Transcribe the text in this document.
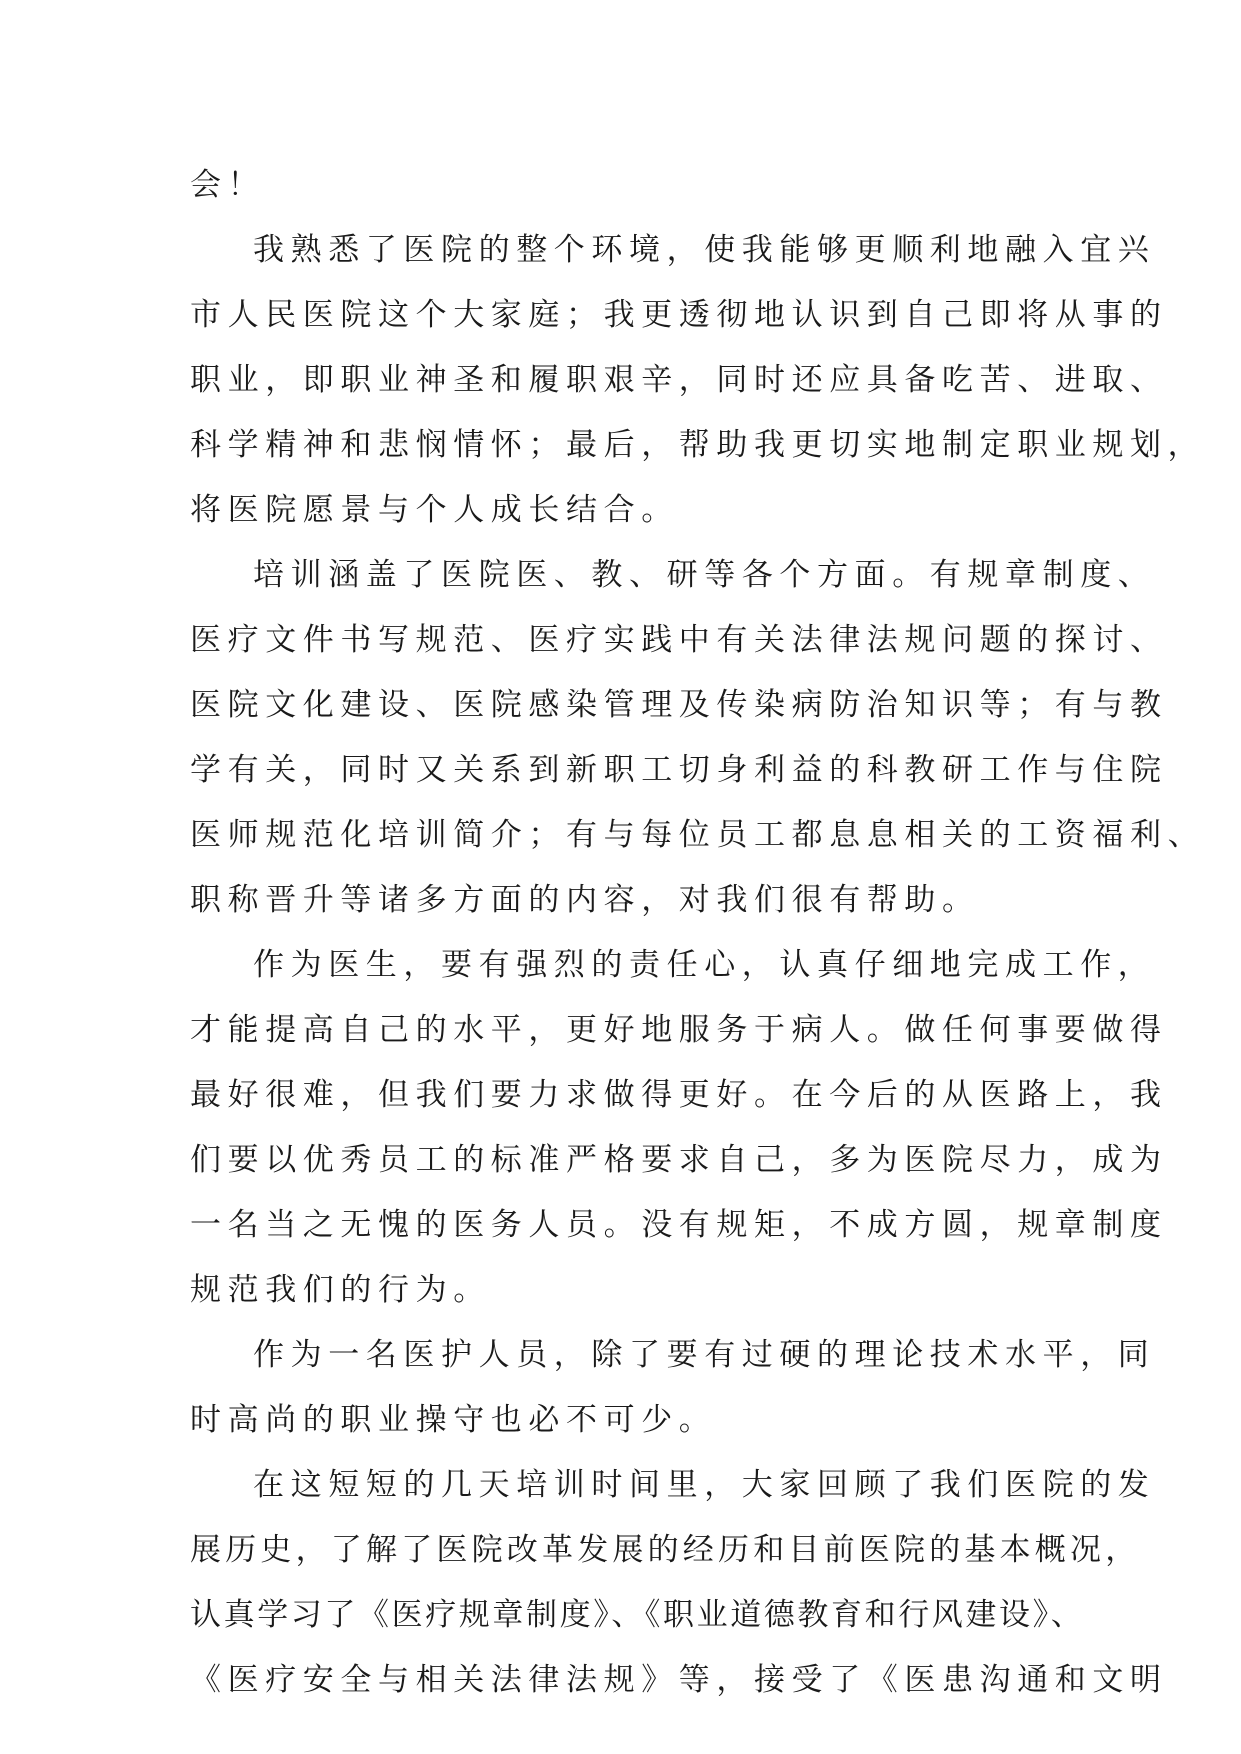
会！
我熟悉了医院的整个环境，使我能够更顺利地融入宜兴
市人民医院这个大家庭；我更透彻地认识到自己即将从事的
职业，即职业神圣和履职艰辛，同时还应具备吃苦、进取、
科学精神和悲悯情怀；最后，帮助我更切实地制定职业规划，
将医院愿景与个人成长结合。
培训涵盖了医院医、教、研等各个方面。有规章制度、
医疗文件书写规范、医疗实践中有关法律法规问题的探讨、
医院文化建设、医院感染管理及传染病防治知识等；有与教
学有关，同时又关系到新职工切身利益的科教研工作与住院
医师规范化培训简介；有与每位员工都息息相关的工资福利、
职称晋升等诸多方面的内容，对我们很有帮助。
作为医生，要有强烈的责任心，认真仔细地完成工作，
才能提高自己的水平，更好地服务于病人。做任何事要做得
最好很难，但我们要力求做得更好。在今后的从医路上，我
们要以优秀员工的标准严格要求自己，多为医院尽力，成为
一名当之无愧的医务人员。没有规矩，不成方圆，规章制度
规范我们的行为。
作为一名医护人员，除了要有过硬的理论技术水平，同
时高尚的职业操守也必不可少。
在这短短的几天培训时间里，大家回顾了我们医院的发
展历史，了解了医院改革发展的经历和目前医院的基本概况，
认真学习了《医疗规章制度》、《职业道德教育和行风建设》、
《医疗安全与相关法律法规》等，接受了《医患沟通和文明
